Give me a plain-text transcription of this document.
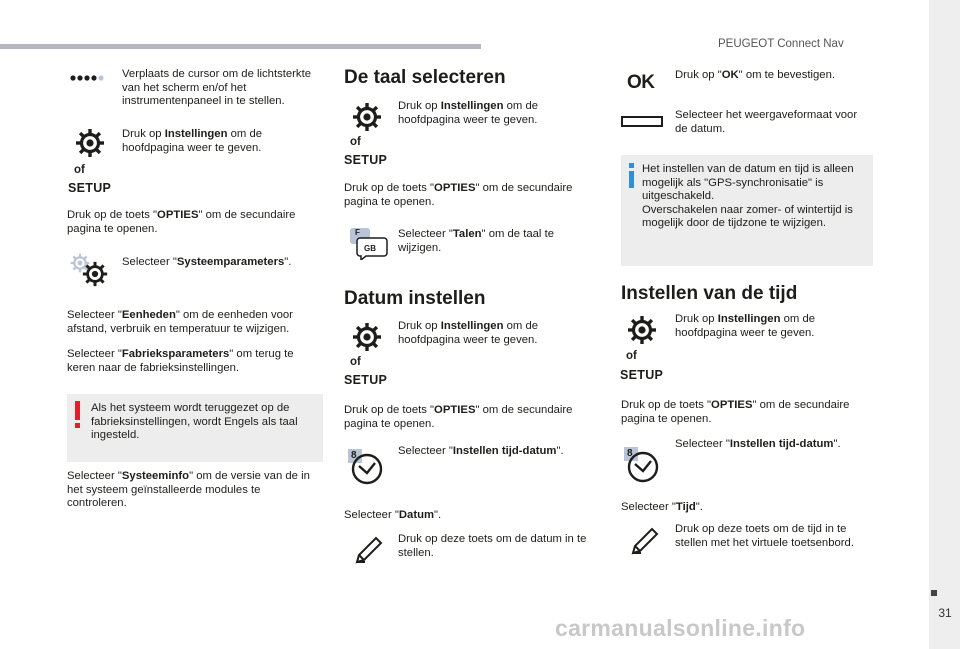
PEUGEOT Connect Nav
31
carmanualsonline.info
Verplaats de cursor om de lichtsterkte van het scherm en/of het instrumentenpaneel in te stellen.
Druk op Instellingen om de hoofdpagina weer te geven.
of
SETUP
Druk op de toets "OPTIES" om de secundaire pagina te openen.
Selecteer "Systeemparameters".
Selecteer "Eenheden" om de eenheden voor afstand, verbruik en temperatuur te wijzigen.
Selecteer "Fabrieksparameters" om terug te keren naar de fabrieksinstellingen.
Als het systeem wordt teruggezet op de fabrieksinstellingen, wordt Engels als taal ingesteld.
Selecteer "Systeeminfo" om de versie van de in het systeem geïnstalleerde modules te controleren.
De taal selecteren
Druk op Instellingen om de hoofdpagina weer te geven.
of
SETUP
Druk op de toets "OPTIES" om de secundaire pagina te openen.
F
GB
Selecteer "Talen" om de taal te wijzigen.
Datum instellen
Druk op Instellingen om de hoofdpagina weer te geven.
of
SETUP
Druk op de toets "OPTIES" om de secundaire pagina te openen.
8	Selecteer "Instellen tijd-datum".
Selecteer "Datum".
Druk op deze toets om de datum in te stellen.
OK Druk op "OK" om te bevestigen.
Selecteer het weergaveformaat voor de datum.
Het instellen van de datum en tijd is alleen mogelijk als "GPS-synchronisatie" is uitgeschakeld.
Overschakelen naar zomer- of wintertijd is mogelijk door de tijdzone te wijzigen.
Instellen van de tijd
Druk op Instellingen om de hoofdpagina weer te geven.
of
SETUP
Druk op de toets "OPTIES" om de secundaire pagina te openen.
8
Selecteer "Instellen tijd-datum".
Selecteer "Tijd".
Druk op deze toets om de tijd in te stellen met het virtuele toetsenbord.
